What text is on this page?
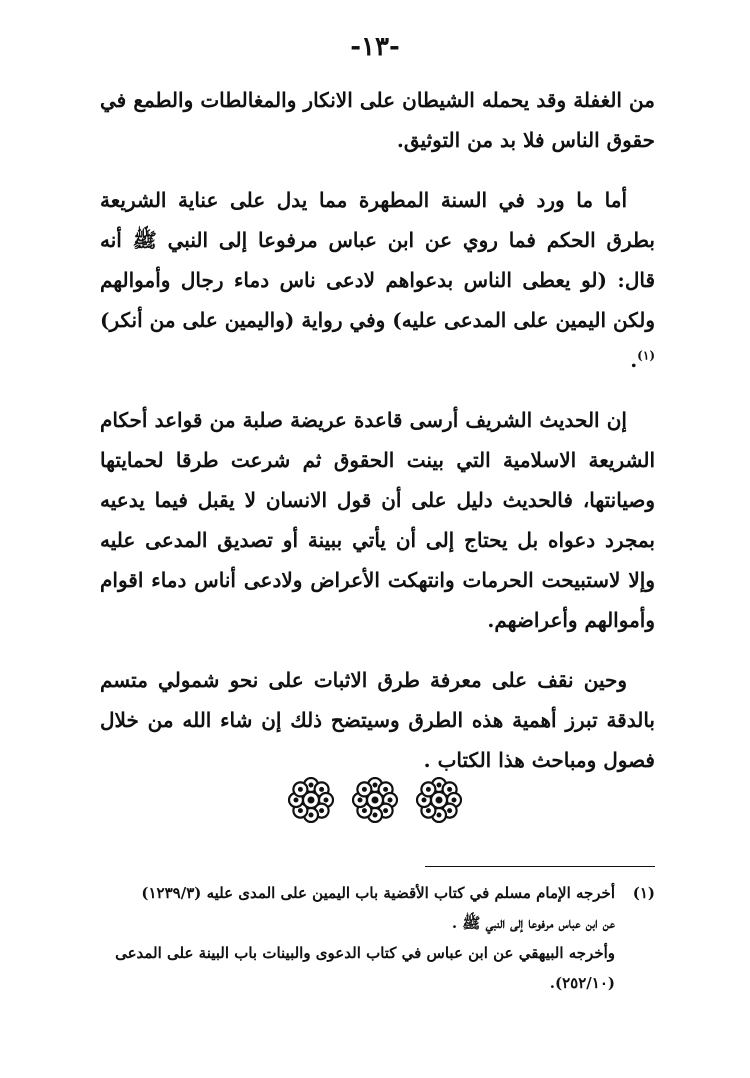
-١٣-

من الغفلة وقد يحمله الشيطان على الانكار والمغالطات والطمع في حقوق الناس فلا بد من التوثيق.

أما ما ورد في السنة المطهرة مما يدل على عناية الشريعة بطرق الحكم فما روي عن ابن عباس مرفوعا إلى النبي ﷺ أنه قال: (لو يعطى الناس بدعواهم لادعى ناس دماء رجال وأموالهم ولكن اليمين على المدعى عليه) وفي رواية (واليمين على من أنكر)$^{(١)}$.

إن الحديث الشريف أرسى قاعدة عريضة صلبة من قواعد أحكام الشريعة الاسلامية التي بينت الحقوق ثم شرعت طرقا لحمايتها وصيانتها، فالحديث دليل على أن قول الانسان لا يقبل فيما يدعيه بمجرد دعواه بل يحتاج إلى أن يأتي ببينة أو تصديق المدعى عليه وإلا لاستبيحت الحرمات وانتهكت الأعراض ولادعى أناس دماء اقوام وأموالهم وأعراضهم.

وحين نقف على معرفة طرق الاثبات على نحو شمولي متسم بالدقة تبرز أهمية هذه الطرق وسيتضح ذلك إن شاء الله من خلال فصول ومباحث هذا الكتاب .

(١)
أخرجه الإمام مسلم في كتاب الأقضية باب اليمين على المدى عليه (١٢٣٩/٣)
عن ابن عباس مرفوعا إلى النبي ﷺ .
وأخرجه البيهقي عن ابن عباس في كتاب الدعوى والبينات باب البينة على المدعى
(٢٥٢/١٠).
